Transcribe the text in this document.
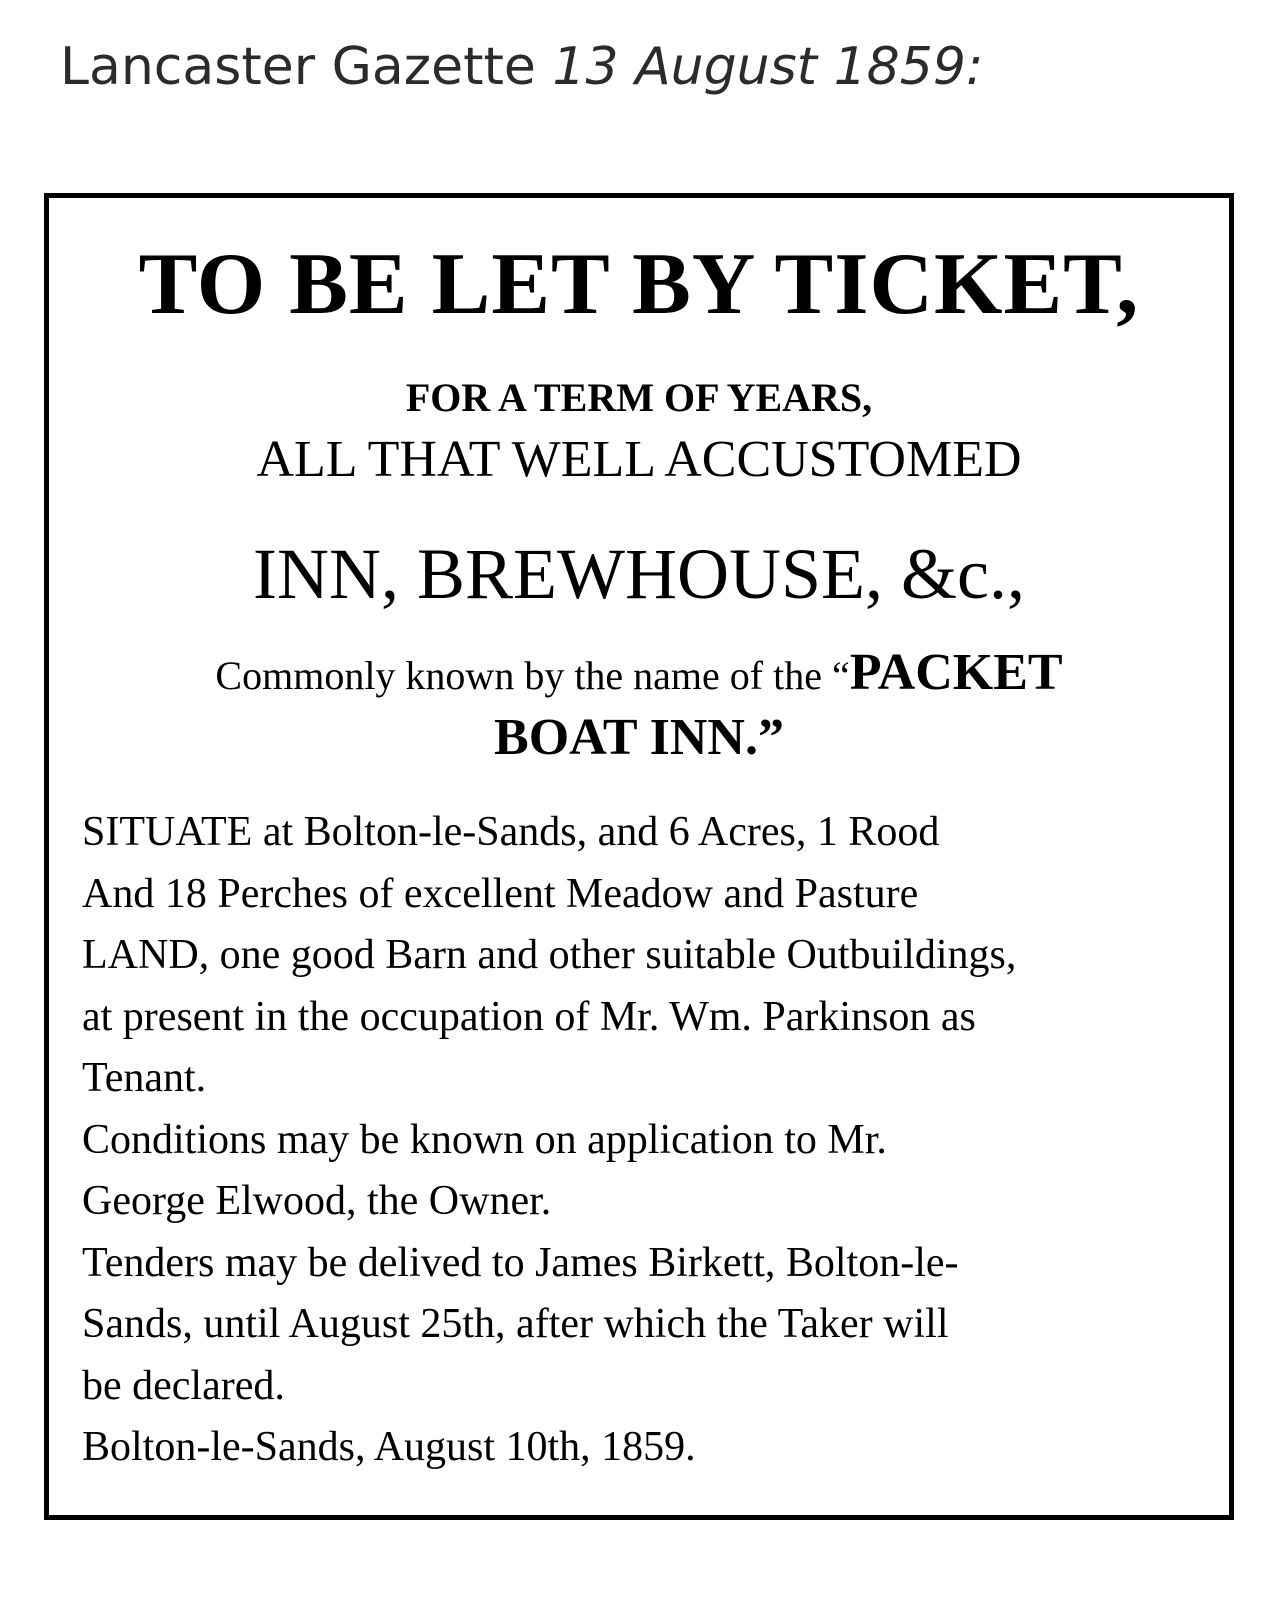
Lancaster Gazette 13 August 1859:
TO BE LET BY TICKET,
FOR A TERM OF YEARS,
ALL THAT WELL ACCUSTOMED
INN, BREWHOUSE, &c.,
Commonly known by the name of the “PACKET
BOAT INN.”
SITUATE at Bolton-le-Sands, and 6 Acres, 1 Rood
And 18 Perches of excellent Meadow and Pasture
LAND, one good Barn and other suitable Outbuildings,
at present in the occupation of Mr. Wm. Parkinson as
Tenant.
Conditions may be known on application to Mr.
George Elwood, the Owner.
Tenders may be delived to James Birkett, Bolton-le-
Sands, until August 25th, after which the Taker will
be declared.
Bolton-le-Sands, August 10th, 1859.
